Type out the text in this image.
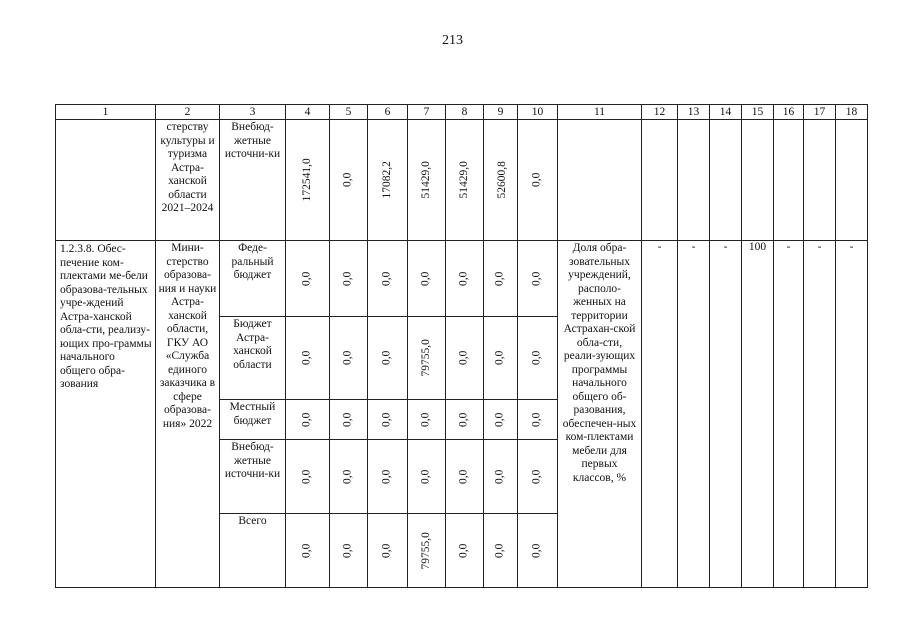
213
1	2	3	4	5	6	7	8	9	10	11	12	13	14	15	16	17	18
	стерству культуры и туризма Астра-ханской области 2021–2024	Внебюд-жетные источни-ки	172541,0	0,0	17082,2	51429,0	51429,0	52600,8	0,0								
1.2.3.8. Обес-печение ком-плектами ме-бели образова-тельных учре-ждений Астра-ханской обла-сти, реализу-ющих про-граммы начального общего обра-зования	Мини-стерство образова-ния и науки Астра-ханской области, ГКУ АО «Служба единого заказчика в сфере образова-ния» 2022	Феде-ральный бюджет	0,0	0,0	0,0	0,0	0,0	0,0	0,0	Доля обра-зовательных учреждений, располо-женных на территории Астрахан-ской обла-сти, реали-зующих программы начального общего об-разования, обеспечен-ных ком-плектами мебели для первых классов, %	-	-	-	100	-	-	-
		Бюджет Астра-ханской области	0,0	0,0	0,0	79755,0	0,0	0,0	0,0								
		Местный бюджет	0,0	0,0	0,0	0,0	0,0	0,0	0,0								
		Внебюд-жетные источни-ки	0,0	0,0	0,0	0,0	0,0	0,0	0,0								
		Всего	0,0	0,0	0,0	79755,0	0,0	0,0	0,0								
